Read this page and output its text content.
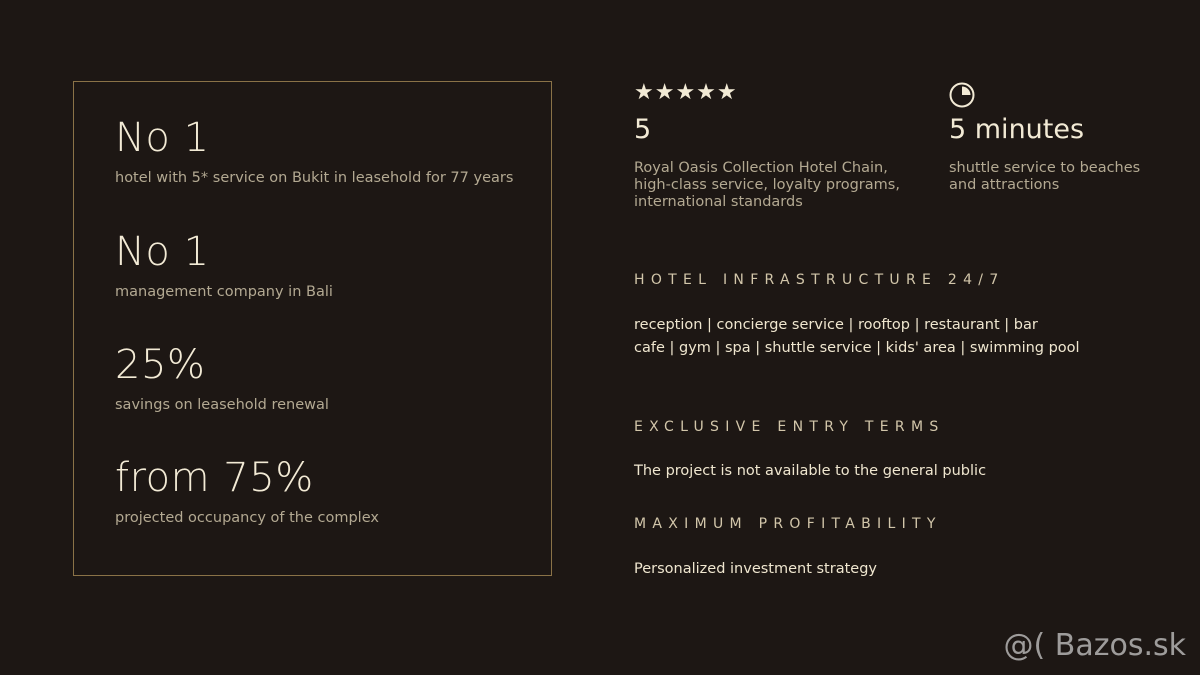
No 1
hotel with 5* service on Bukit in leasehold for 77 years
No 1
management company in Bali
25%
savings on leasehold renewal
from 75%
projected occupancy of the complex
★★★★★
5
Royal Oasis Collection Hotel Chain,
high-class service, loyalty programs,
international standards
5 minutes
shuttle service to beaches
and attractions
HOTEL INFRASTRUCTURE 24/7
reception | concierge service | rooftop | restaurant | bar
cafe | gym | spa | shuttle service | kids' area | swimming pool
EXCLUSIVE ENTRY TERMS
The project is not available to the general public
MAXIMUM PROFITABILITY
Personalized investment strategy
@( Bazos.sk
